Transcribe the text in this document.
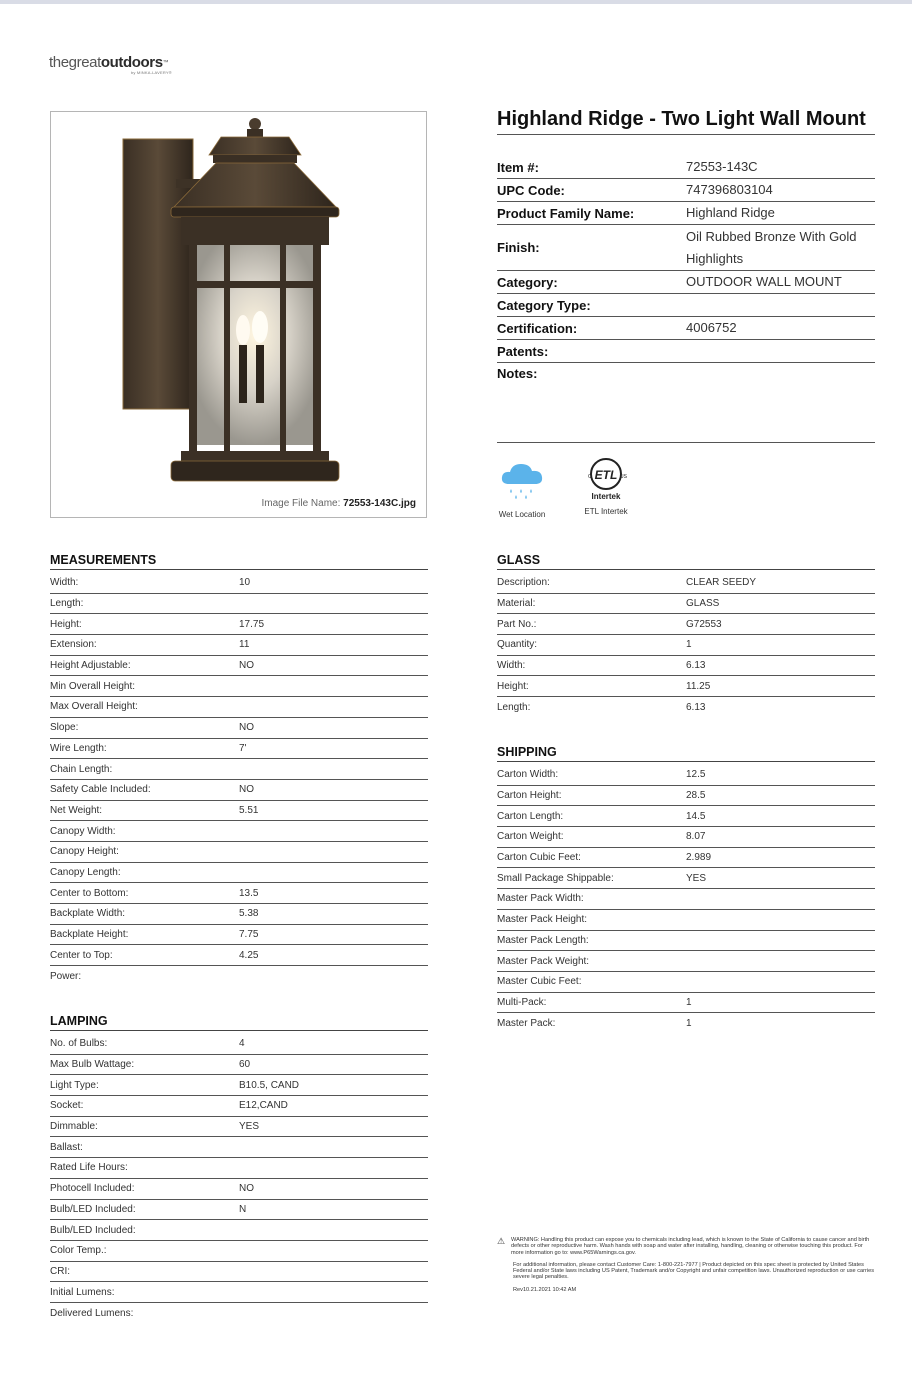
thegreatoutdoors™
by MINKA-LAVERY®
Image File Name: 72553-143C.jpg
Highland Ridge - Two Light Wall Mount
Item #:	72553-143C
UPC Code:	747396803104
Product Family Name:	Highland Ridge
Finish:
Oil Rubbed Bronze With Gold Highlights
Category:	OUTDOOR WALL MOUNT
Category Type:
Certification:	4006752
Patents:
Notes:
Wet Location
ETL
C	US
Intertek
ETL Intertek
MEASUREMENTS
Width:	10
Length:
Height:	17.75
Extension:	11
Height Adjustable:	NO
Min Overall Height:
Max Overall Height:
Slope:	NO
Wire Length:	7'
Chain Length:
Safety Cable Included:	NO
Net Weight:	5.51
Canopy Width:
Canopy Height:
Canopy Length:
Center to Bottom:	13.5
Backplate Width:	5.38
Backplate Height:	7.75
Center to Top:	4.25
Power:
LAMPING
No. of Bulbs:	4
Max Bulb Wattage:	60
Light Type:	B10.5, CAND
Socket:	E12,CAND
Dimmable:	YES
Ballast:
Rated Life Hours:
Photocell Included:	NO
Bulb/LED Included:	N
Bulb/LED Included:
Color Temp.:
CRI:
Initial Lumens:
Delivered Lumens:
GLASS
Description:	CLEAR SEEDY
Material:	GLASS
Part No.:	G72553
Quantity:	1
Width:	6.13
Height:	11.25
Length:	6.13
SHIPPING
Carton Width:	12.5
Carton Height:	28.5
Carton Length:	14.5
Carton Weight:	8.07
Carton Cubic Feet:	2.989
Small Package Shippable:	YES
Master Pack Width:
Master Pack Height:
Master Pack Length:
Master Pack Weight:
Master Cubic Feet:
Multi-Pack:	1
Master Pack:	1
⚠	WARNING: Handling this product can expose you to chemicals including lead, which is known to the State of California to cause cancer and birth defects or other reproductive harm. Wash hands with soap and water after installing, handling, cleaning or otherwise touching this product. For more information go to: www.P65Warnings.ca.gov.

For additional information, please contact Customer Care: 1-800-221-7977 | Product depicted on this spec sheet is protected by United States Federal and/or State laws including US Patent, Trademark and/or Copyright and unfair competition laws. Unauthorized reproduction or use carries severe legal penalties.

Rev10.21.2021 10:42 AM
